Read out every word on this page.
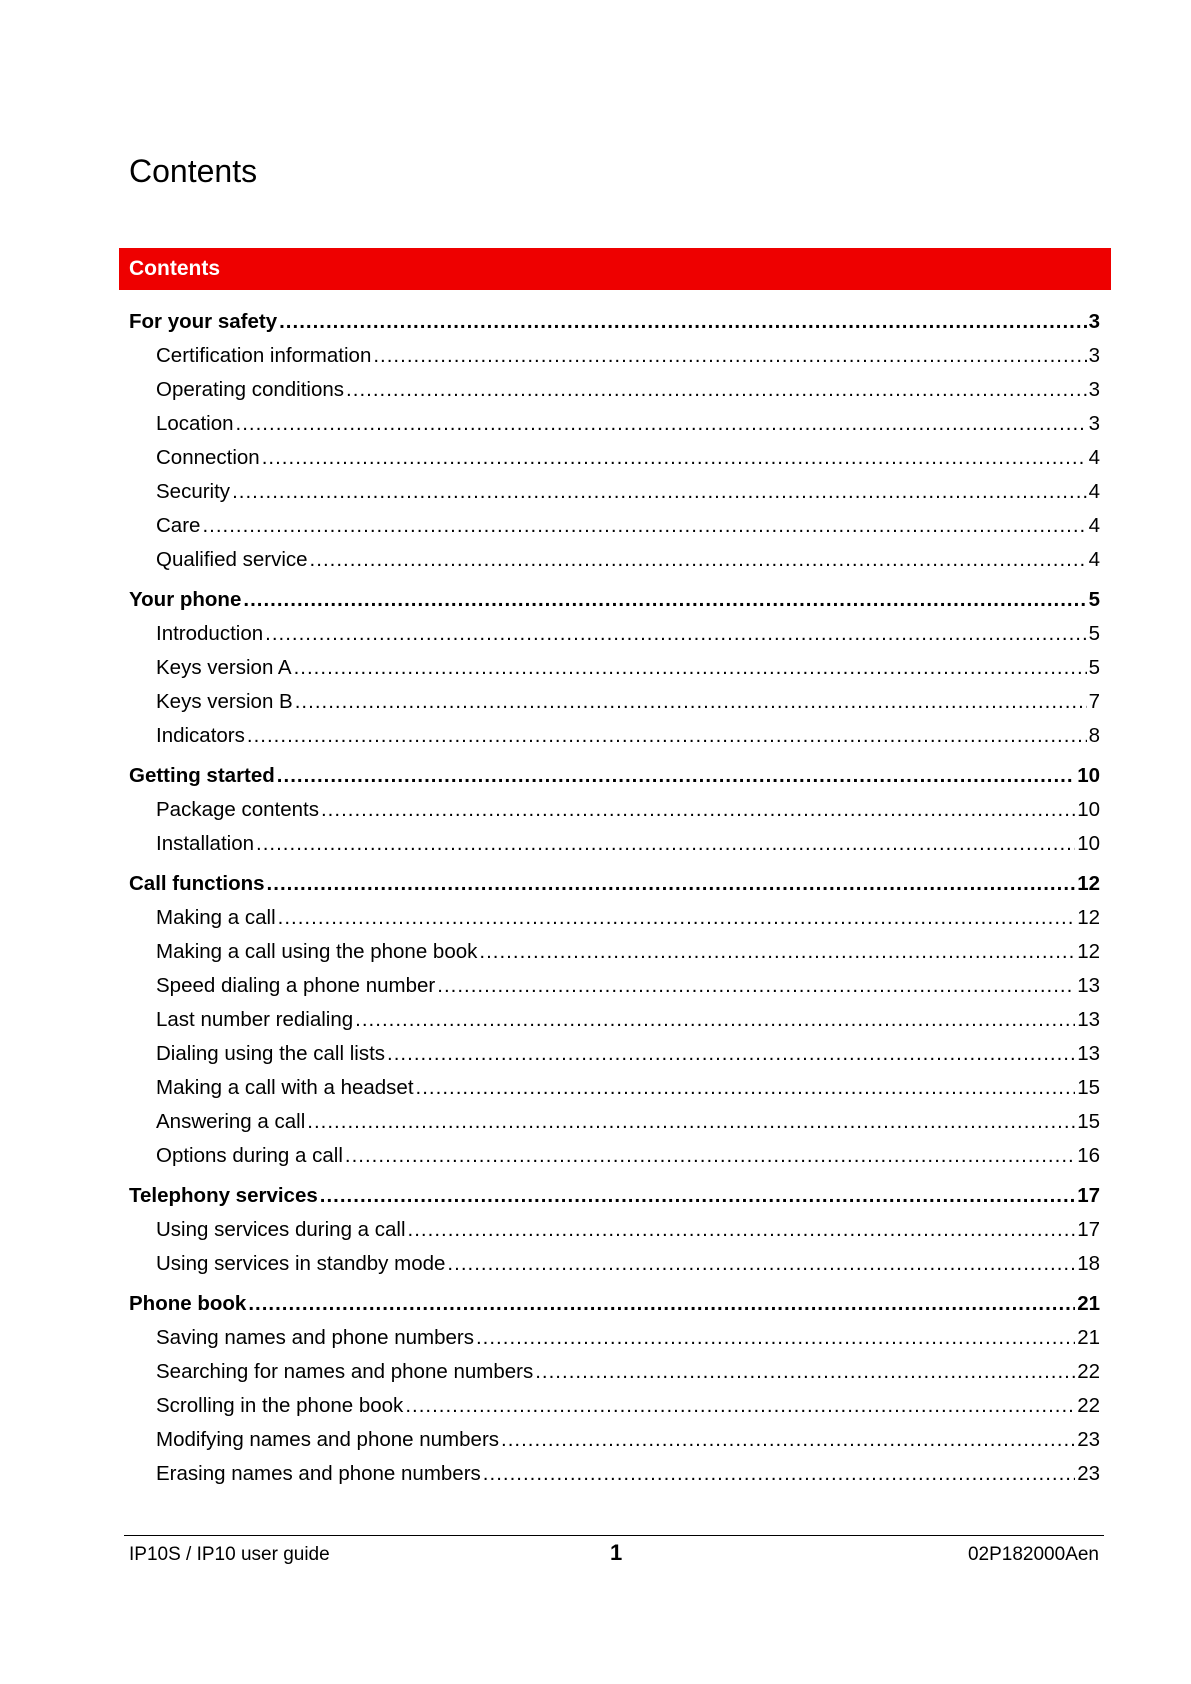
Contents
Contents
For your safety .....	3
Certification information .....	3
Operating conditions .....	3
Location .....	3
Connection .....	4
Security .....	4
Care .....	4
Qualified service .....	4
Your phone .....	5
Introduction .....	5
Keys version A .....	5
Keys version B .....	7
Indicators .....	8
Getting started .....	10
Package contents .....	10
Installation .....	10
Call functions .....	12
Making a call .....	12
Making a call using the phone book .....	12
Speed dialing a phone number .....	13
Last number redialing .....	13
Dialing using the call lists .....	13
Making a call with a headset .....	15
Answering a call .....	15
Options during a call .....	16
Telephony services .....	17
Using services during a call .....	17
Using services in standby mode .....	18
Phone book .....	21
Saving names and phone numbers .....	21
Searching for names and phone numbers .....	22
Scrolling in the phone book .....	22
Modifying names and phone numbers .....	23
Erasing names and phone numbers .....	23
IP10S / IP10 user guide	1	02P182000Aen
